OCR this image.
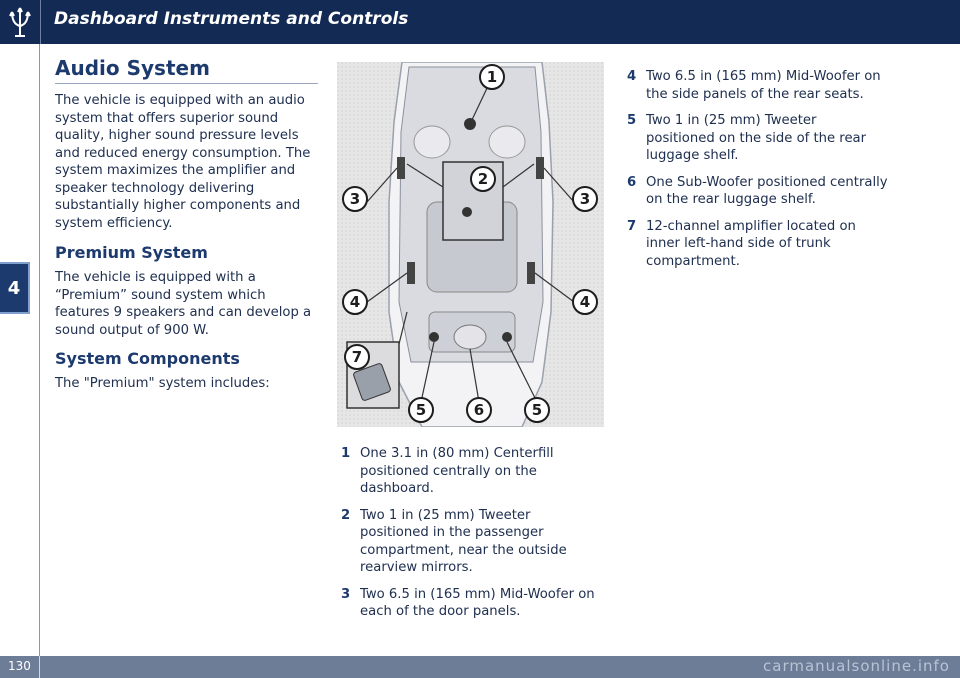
Dashboard Instruments and Controls
4
Audio System

The vehicle is equipped with an audio system that offers superior sound quality, higher sound pressure levels and reduced energy consumption. The system maximizes the amplifier and speaker technology delivering substantially higher components and system efficiency.

Premium System

The vehicle is equipped with a “Premium” sound system which features 9 speakers and can develop a sound output of 900 W.

System Components

The "Premium" system includes:

1
2
3	3
4	4
7
5	6	5
1 One 3.1 in (80 mm) Centerfill positioned centrally on the dashboard.
2 Two 1 in (25 mm) Tweeter positioned in the passenger compartment, near the outside rearview mirrors.
3 Two 6.5 in (165 mm) Mid-Woofer on each of the door panels.
4 Two 6.5 in (165 mm) Mid-Woofer on the side panels of the rear seats.
5 Two 1 in (25 mm) Tweeter positioned on the side of the rear luggage shelf.
6 One Sub-Woofer positioned centrally on the rear luggage shelf.
7 12-channel amplifier located on inner left-hand side of trunk compartment.
130	carmanualsonline.info
